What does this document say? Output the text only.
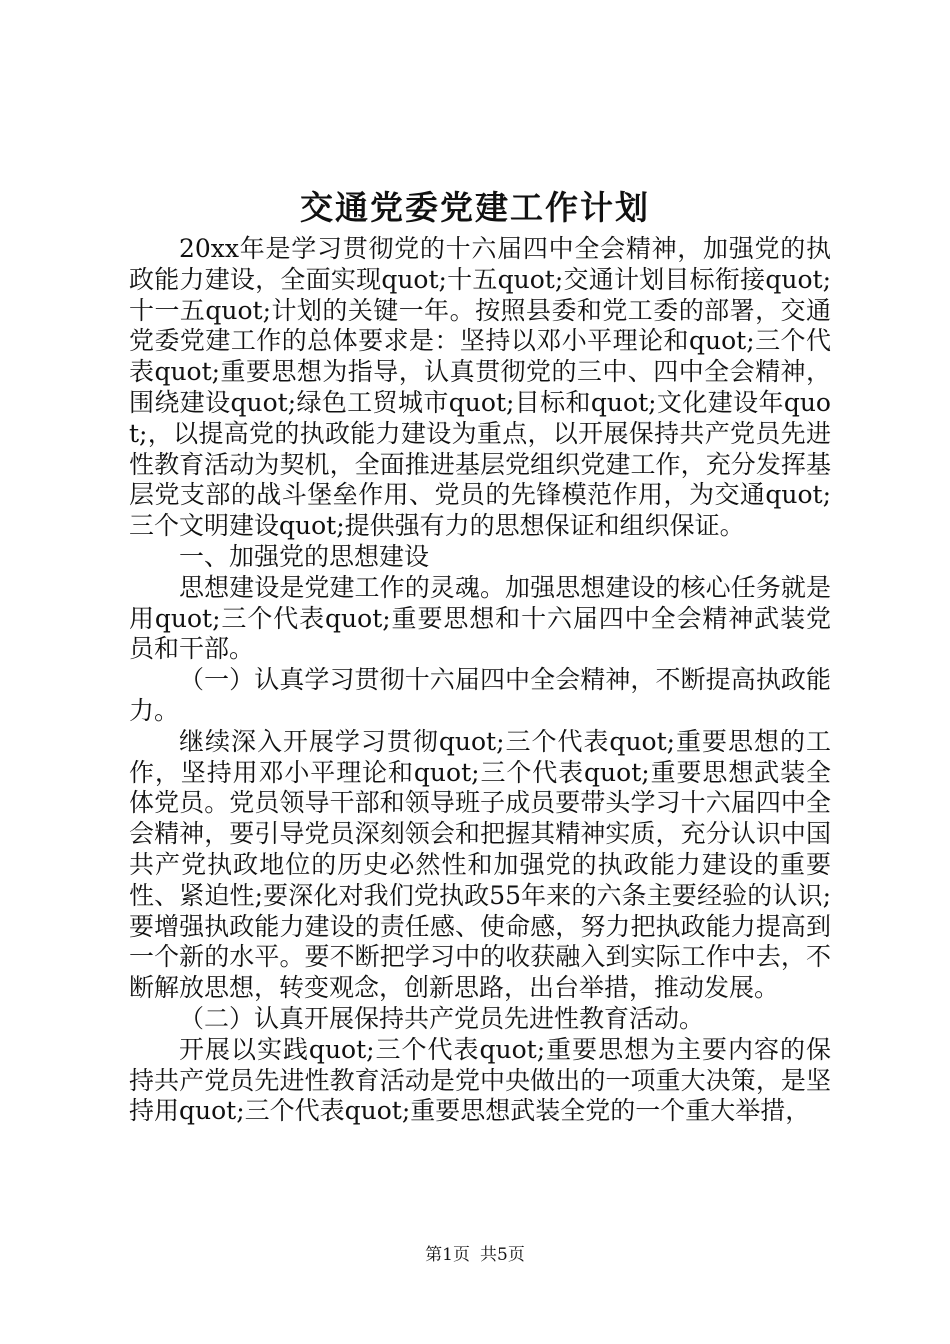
交通党委党建工作计划

20xx年是学习贯彻党的十六届四中全会精神，加强党的执政能力建设，全面实现quot;十五quot;交通计划目标衔接quot;十一五quot;计划的关键一年。按照县委和党工委的部署，交通党委党建工作的总体要求是：坚持以邓小平理论和quot;三个代表quot;重要思想为指导，认真贯彻党的三中、四中全会精神，围绕建设quot;绿色工贸城市quot;目标和quot;文化建设年quot;，以提高党的执政能力建设为重点，以开展保持共产党员先进性教育活动为契机，全面推进基层党组织党建工作，充分发挥基层党支部的战斗堡垒作用、党员的先锋模范作用，为交通quot;三个文明建设quot;提供强有力的思想保证和组织保证。

一、加强党的思想建设

思想建设是党建工作的灵魂。加强思想建设的核心任务就是用quot;三个代表quot;重要思想和十六届四中全会精神武装党员和干部。

（一）认真学习贯彻十六届四中全会精神，不断提高执政能力。

继续深入开展学习贯彻quot;三个代表quot;重要思想的工作，坚持用邓小平理论和quot;三个代表quot;重要思想武装全体党员。党员领导干部和领导班子成员要带头学习十六届四中全会精神，要引导党员深刻领会和把握其精神实质，充分认识中国共产党执政地位的历史必然性和加强党的执政能力建设的重要性、紧迫性;要深化对我们党执政55年来的六条主要经验的认识;要增强执政能力建设的责任感、使命感，努力把执政能力提高到一个新的水平。要不断把学习中的收获融入到实际工作中去，不断解放思想，转变观念，创新思路，出台举措，推动发展。

（二）认真开展保持共产党员先进性教育活动。

开展以实践quot;三个代表quot;重要思想为主要内容的保持共产党员先进性教育活动是党中央做出的一项重大决策，是坚持用quot;三个代表quot;重要思想武装全党的一个重大举措，

第1页 共5页
